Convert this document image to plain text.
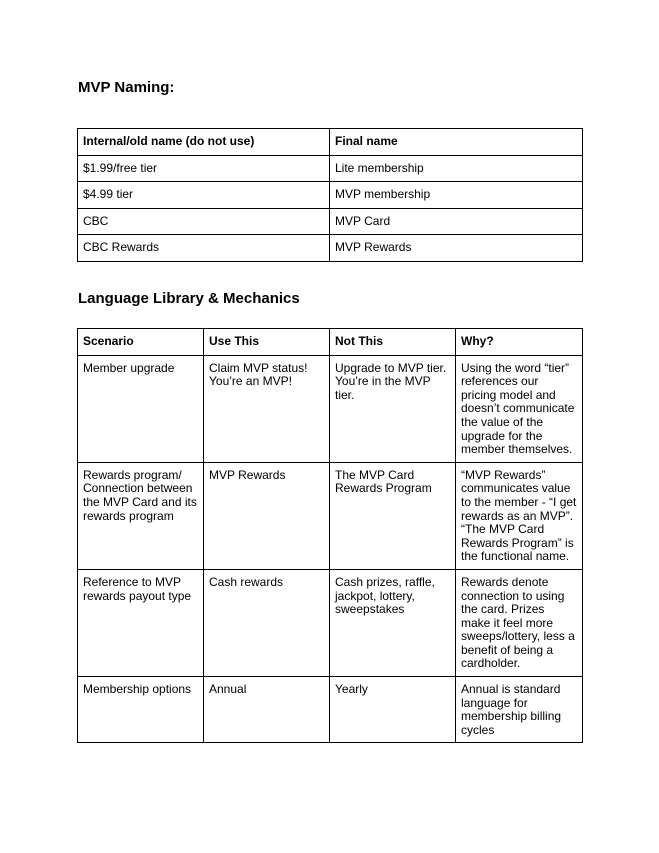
MVP Naming:
Internal/old name (do not use)	Final name
$1.99/free tier	Lite membership
$4.99 tier	MVP membership
CBC	MVP Card
CBC Rewards	MVP Rewards
Language Library & Mechanics
Scenario	Use This	Not This	Why?
Member upgrade	Claim MVP status! You’re an MVP!	Upgrade to MVP tier. You’re in the MVP tier.	Using the word “tier” references our pricing model and doesn’t communicate the value of the upgrade for the member themselves.
Rewards program/ Connection between the MVP Card and its rewards program	MVP Rewards	The MVP Card Rewards Program	“MVP Rewards” communicates value to the member - “I get rewards as an MVP”. “The MVP Card Rewards Program” is the functional name.
Reference to MVP rewards payout type	Cash rewards	Cash prizes, raffle, jackpot, lottery, sweepstakes	Rewards denote connection to using the card. Prizes make it feel more sweeps/lottery, less a benefit of being a cardholder.
Membership options	Annual	Yearly	Annual is standard language for membership billing cycles
